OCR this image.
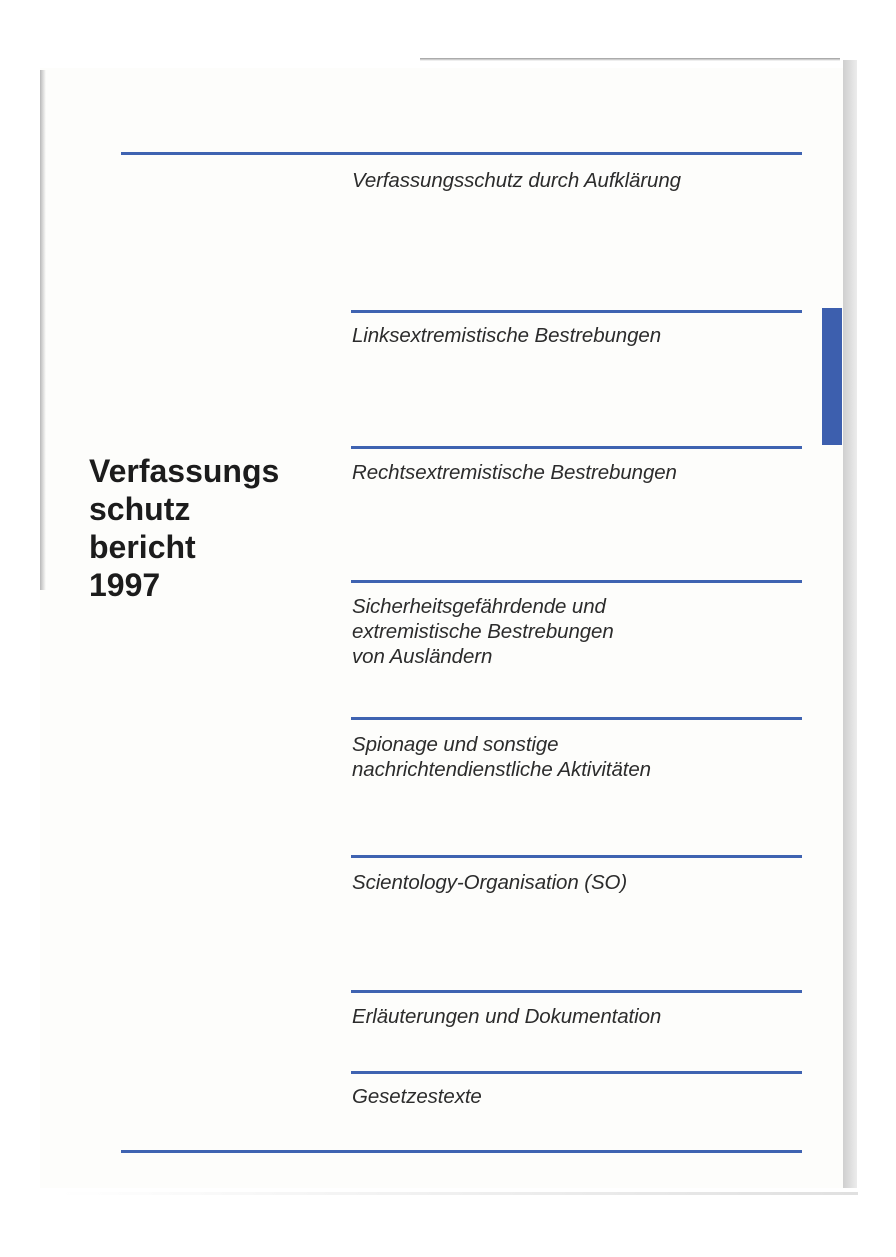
Verfassungs
schutz
bericht
1997
Verfassungsschutz durch Aufklärung
Linksextremistische Bestrebungen
Rechtsextremistische Bestrebungen
Sicherheitsgefährdende und
extremistische Bestrebungen
von Ausländern
Spionage und sonstige
nachrichtendienstliche Aktivitäten
Scientology-Organisation (SO)
Erläuterungen und Dokumentation
Gesetzestexte
